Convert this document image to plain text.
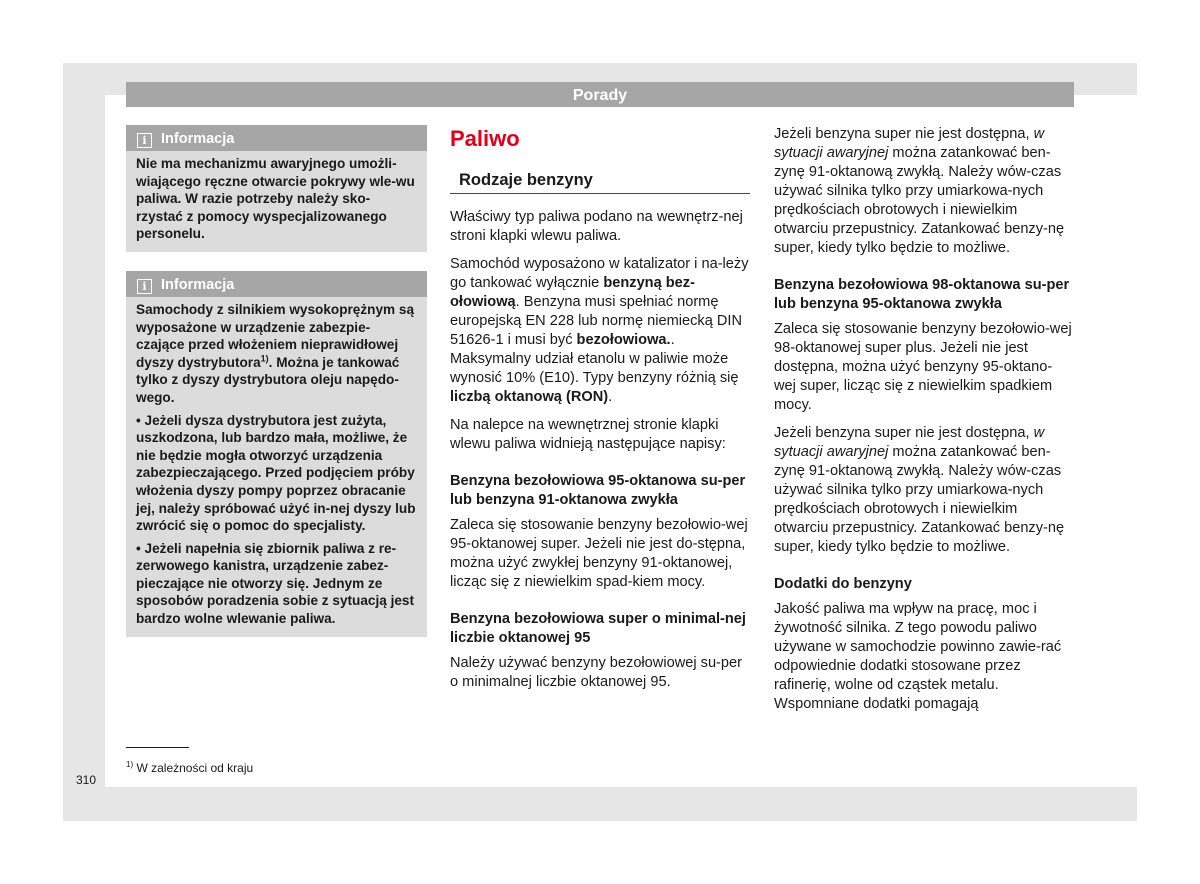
Porady
i Informacja

Nie ma mechanizmu awaryjnego umożli-wiającego ręczne otwarcie pokrywy wle-wu paliwa. W razie potrzeby należy sko-rzystać z pomocy wyspecjalizowanego personelu.

i Informacja

Samochody z silnikiem wysokoprężnym są wyposażone w urządzenie zabezpie-czające przed włożeniem nieprawidłowej dyszy dystrybutora$^{1)}$. Można je tankować tylko z dyszy dystrybutora oleju napędo-wego.

• Jeżeli dysza dystrybutora jest zużyta, uszkodzona, lub bardzo mała, możliwe, że nie będzie mogła otworzyć urządzenia zabezpieczającego. Przed podjęciem próby włożenia dyszy pompy poprzez obracanie jej, należy spróbować użyć in-nej dyszy lub zwrócić się o pomoc do specjalisty.

• Jeżeli napełnia się zbiornik paliwa z re-zerwowego kanistra, urządzenie zabez-pieczające nie otworzy się. Jednym ze sposobów poradzenia sobie z sytuacją jest bardzo wolne wlewanie paliwa.

Paliwo
Rodzaje benzyny

Właściwy typ paliwa podano na wewnętrz-nej stroni klapki wlewu paliwa.

Samochód wyposażono w katalizator i na-leży go tankować wyłącznie benzyną bez-ołowiową. Benzyna musi spełniać normę europejską EN 228 lub normę niemiecką DIN 51626-1 i musi być bezołowiowa.. Maksymalny udział etanolu w paliwie może wynosić 10% (E10). Typy benzyny różnią się liczbą oktanową (RON).

Na nalepce na wewnętrznej stronie klapki wlewu paliwa widnieją następujące napisy:

Benzyna bezołowiowa 95-oktanowa su-per lub benzyna 91-oktanowa zwykła

Zaleca się stosowanie benzyny bezołowio-wej 95-oktanowej super. Jeżeli nie jest do-stępna, można użyć zwykłej benzyny 91-oktanowej, licząc się z niewielkim spad-kiem mocy.

Benzyna bezołowiowa super o minimal-nej liczbie oktanowej 95

Należy używać benzyny bezołowiowej su-per o minimalnej liczbie oktanowej 95.

Jeżeli benzyna super nie jest dostępna, w sytuacji awaryjnej można zatankować ben-zynę 91-oktanową zwykłą. Należy wów-czas używać silnika tylko przy umiarkowa-nych prędkościach obrotowych i niewielkim otwarciu przepustnicy. Zatankować benzy-nę super, kiedy tylko będzie to możliwe.

Benzyna bezołowiowa 98-oktanowa su-per lub benzyna 95-oktanowa zwykła

Zaleca się stosowanie benzyny bezołowio-wej 98-oktanowej super plus. Jeżeli nie jest dostępna, można użyć benzyny 95-oktano-wej super, licząc się z niewielkim spadkiem mocy.

Jeżeli benzyna super nie jest dostępna, w sytuacji awaryjnej można zatankować ben-zynę 91-oktanową zwykłą. Należy wów-czas używać silnika tylko przy umiarkowa-nych prędkościach obrotowych i niewielkim otwarciu przepustnicy. Zatankować benzy-nę super, kiedy tylko będzie to możliwe.

Dodatki do benzyny

Jakość paliwa ma wpływ na pracę, moc i żywotność silnika. Z tego powodu paliwo używane w samochodzie powinno zawie-rać odpowiednie dodatki stosowane przez rafinerię, wolne od cząstek metalu. Wspomniane dodatki pomagają

$^{1)}$ W zależności od kraju
310
